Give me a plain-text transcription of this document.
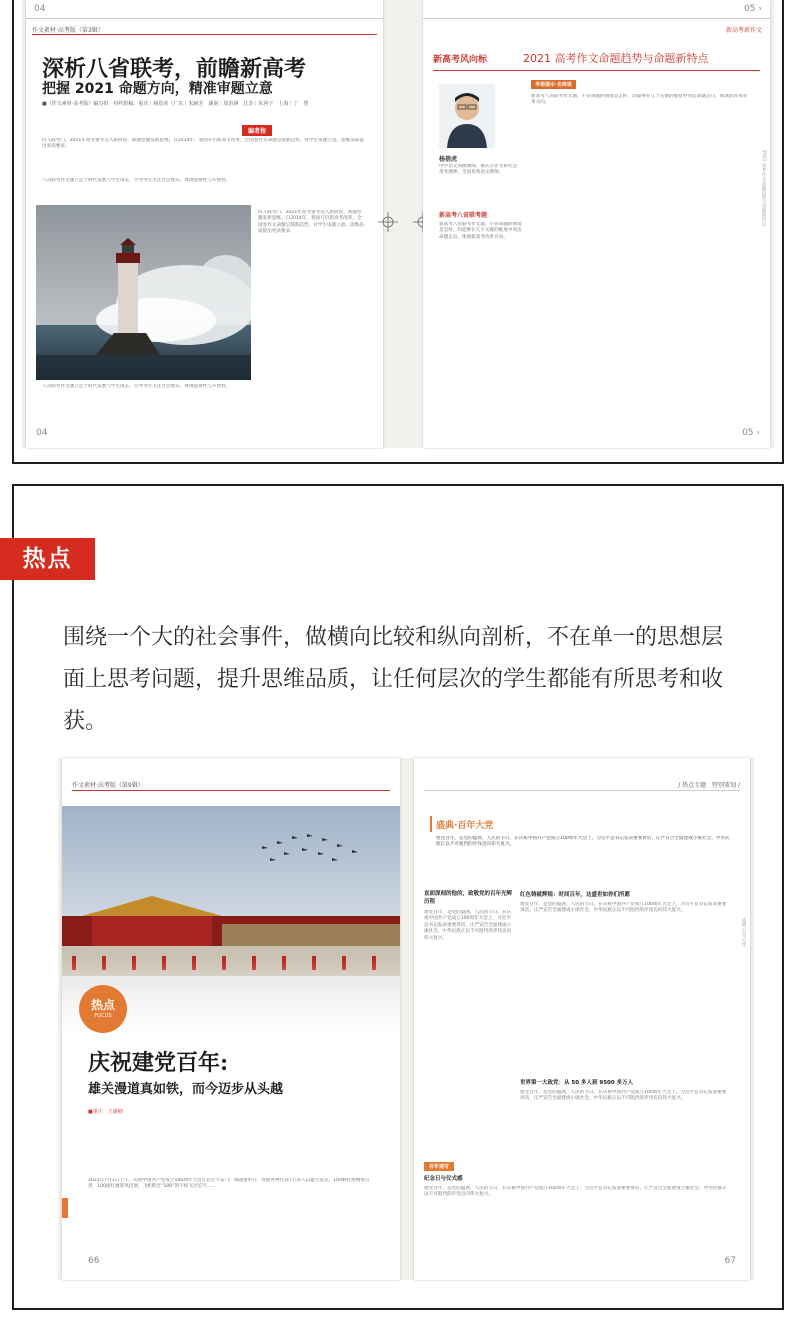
04
作文素材·高考版（第3辑）
深析八省联考，前瞻新高考
把握 2021 命题方向，精准审题立意
■《作文素材·高考版》编写组　特约供稿：重庆｜杨蓓虎（广东｜朱耐芳　湖南｜周治锋　江苏｜朱萍子　上海｜丁　慧
编者按
四人联考门，2021年高考备考迈入新阶段，新题型激发新思维。自2014年，我国开启新高考改革，全国卷作文命题呈现新趋势，对学生审题立意、思维品质提出更高要求。
八省联考作文题立足于时代发展与学生成长，引导考生关注社会现实，体现思辨性与开放性。
八省联考作文题立足于时代发展与学生成长，引导考生关注社会现实，体现思辨性与开放性。
四人联考门，2021年高考备考迈入新阶段，新题型激发新思维。自2014年，我国开启新高考改革，全国卷作文命题呈现新趋势，对学生审题立意、思维品质提出更高要求。
04
05 ›
新高考新作文
新高考风向标	2021 高考作文命题趋势与命题新特点
杨蓓虎
中学语文高级教师，重庆市作文研究会常务理事，全国优秀语文教师。
新高考八省联考题
新高考八省联考作文题，不管命题的情境是怎样，均能够在几个关键的维度中突出命题走向，体现新高考改革方向。
导语提示·名师谈
新高考八省联考作文题，不管命题的情境是怎样，均能够在几个关键的维度中突出命题走向，体现新高考改革方向。
2021 高考作文命题趋势与命题新特点
05 ›
热点
围绕一个大的社会事件，做横向比较和纵向剖析，不在单一的思想层面上思考问题，提升思维品质，让任何层次的学生都能有所思考和收获。
作文素材·高考版（第9辑）
热点
FOCUS
庆祝建党百年:
雄关漫道真如铁，而今迈步从头越
■重庆　王谢楠
2021年7月1日上午，庆祝中国共产党成立100周年大会在北京天安门广场隆重举行，各族各界代表7万余人以盛大仪式，100响礼炮响彻云霄，100面红旗迎风招展，飞机跨过“100”的字样飞过长空……
66
/ 热点专题　特别策划 /
盛典·百年大党
建党百年，是党的盛典，人民的节日。在庆祝中国共产党成立100周年大会上，习近平总书记发表重要讲话，庄严宣告全面建成小康社会，中华民族正以不可阻挡的步伐迈向伟大复兴。
直面深刻的他的，致敬党的百年光辉历程
建党百年，是党的盛典，人民的节日。在庆祝中国共产党成立100周年大会上，习近平总书记发表重要讲话，庄严宣告全面建成小康社会，中华民族正以不可阻挡的步伐迈向伟大复兴。
红色铸就辉煌：时间百年，这盛世如你们所愿
建党百年，是党的盛典，人民的节日。在庆祝中国共产党成立100周年大会上，习近平总书记发表重要讲话，庄严宣告全面建成小康社会，中华民族正以不可阻挡的步伐迈向伟大复兴。
世界第一大政党：从 50 多人到 9500 多万人
建党百年，是党的盛典，人民的节日。在庆祝中国共产党成立100周年大会上，习近平总书记发表重要讲话，庄严宣告全面建成小康社会，中华民族正以不可阻挡的步伐迈向伟大复兴。
百年速写
纪念日与仪式感
建党百年，是党的盛典，人民的节日。在庆祝中国共产党成立100周年大会上，习近平总书记发表重要讲话，庄严宣告全面建成小康社会，中华民族正以不可阻挡的步伐迈向伟大复兴。
盛典·百年大党
67
